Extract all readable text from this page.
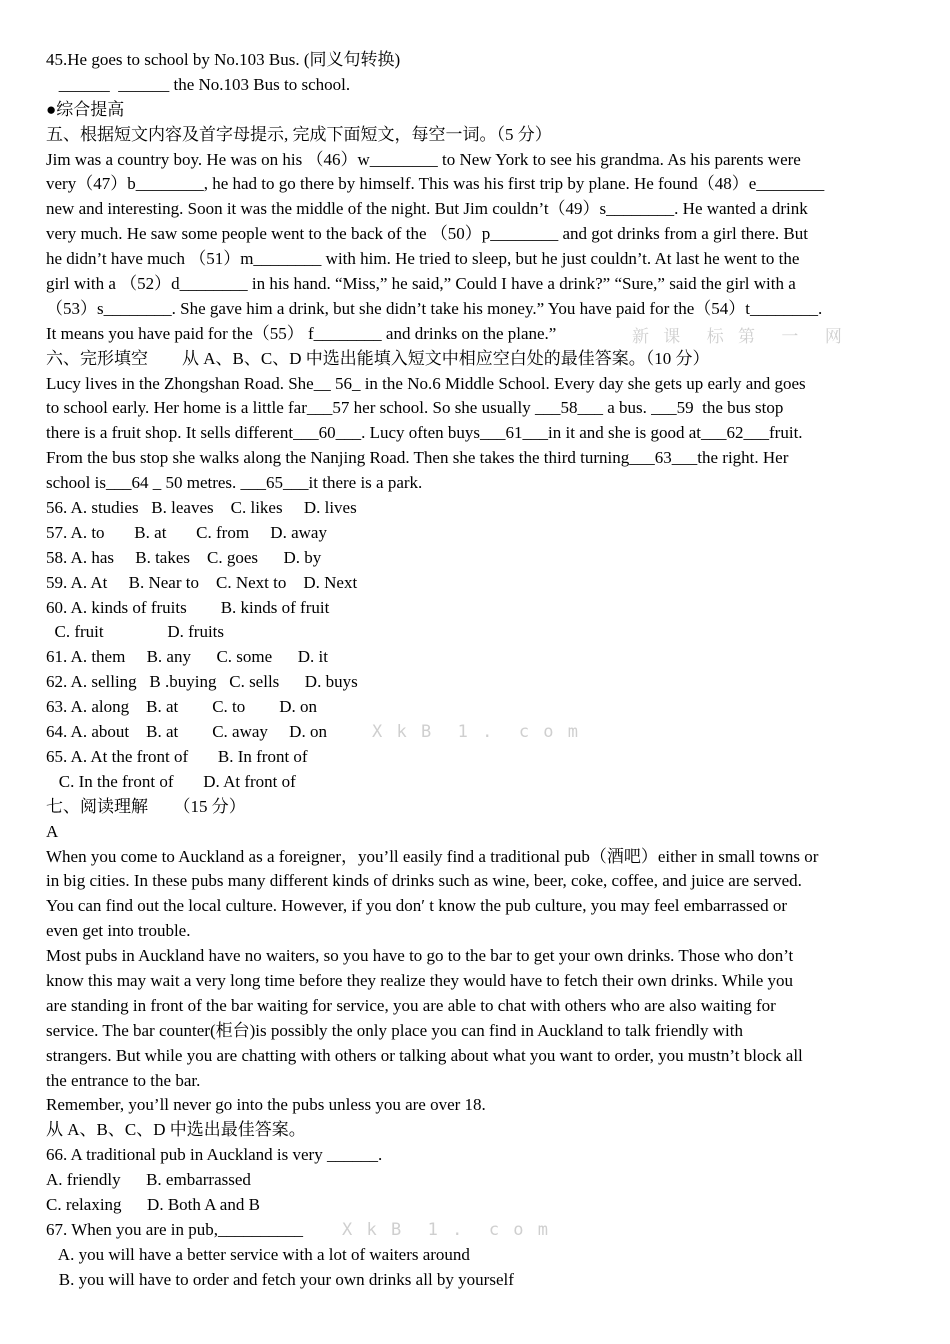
45.He goes to school by No.103 Bus. (同义句转换)
______  ______ the No.103 Bus to school.
●综合提高
五、根据短文内容及首字母提示, 完成下面短文，每空一词。（5 分）
Jim was a country boy. He was on his （46）w________ to New York to see his grandma. As his parents were
very（47）b________, he had to go there by himself. This was his first trip by plane. He found（48）e________
new and interesting. Soon it was the middle of the night. But Jim couldn’t（49）s________. He wanted a drink
very much. He saw some people went to the back of the （50）p________ and got drinks from a girl there. But
he didn’t have much （51）m________ with him. He tried to sleep, but he just couldn’t. At last he went to the
girl with a （52）d________ in his hand. “Miss,” he said,” Could I have a drink?” “Sure,” said the girl with a
（53）s________. She gave him a drink, but she didn’t take his money.” You have paid for the（54）t________.
It means you have paid for the（55） f________ and drinks on the plane.”
六、完形填空        从 A、B、C、D 中选出能填入短文中相应空白处的最佳答案。（10 分）
Lucy lives in the Zhongshan Road. She__ 56_ in the No.6 Middle School. Every day she gets up early and goes
to school early. Her home is a little far___57 her school. So she usually ___58___ a bus. ___59  the bus stop
there is a fruit shop. It sells different___60___. Lucy often buys___61___in it and she is good at___62___fruit.
From the bus stop she walks along the Nanjing Road. Then she takes the third turning___63___the right. Her
school is___64 _ 50 metres. ___65___it there is a park.
56. A. studies   B. leaves    C. likes     D. lives
57. A. to       B. at       C. from     D. away
58. A. has     B. takes    C. goes      D. by
59. A. At     B. Near to    C. Next to    D. Next
60. A. kinds of fruits        B. kinds of fruit
C. fruit               D. fruits
61. A. them     B. any      C. some      D. it
62. A. selling   B .buying   C. sells      D. buys
63. A. along    B. at        C. to        D. on
64. A. about    B. at        C. away     D. on
65. A. At the front of       B. In front of
C. In the front of       D. At front of
七、阅读理解      （15 分）
A
When you come to Auckland as a foreigner，you’ll easily find a traditional pub（酒吧）either in small towns or
in big cities. In these pubs many different kinds of drinks such as wine, beer, coke, coffee, and juice are served.
You can find out the local culture. However, if you don′ t know the pub culture, you may feel embarrassed or
even get into trouble.
Most pubs in Auckland have no waiters, so you have to go to the bar to get your own drinks. Those who don’t
know this may wait a very long time before they realize they would have to fetch their own drinks. While you
are standing in front of the bar waiting for service, you are able to chat with others who are also waiting for
service. The bar counter(柜台)is possibly the only place you can find in Auckland to talk friendly with
strangers. But while you are chatting with others or talking about what you want to order, you mustn’t block all
the entrance to the bar.
Remember, you’ll never go into the pubs unless you are over 18.
从 A、B、C、D 中选出最佳答案。
66. A traditional pub in Auckland is very ______.
A. friendly      B. embarrassed
C. relaxing      D. Both A and B
67. When you are in pub,__________
A. you will have a better service with a lot of waiters around
B. you will have to order and fetch your own drinks all by yourself
新 课  标 第  一  网
X k B  1 .  c o m
X k B  1 .  c o m
